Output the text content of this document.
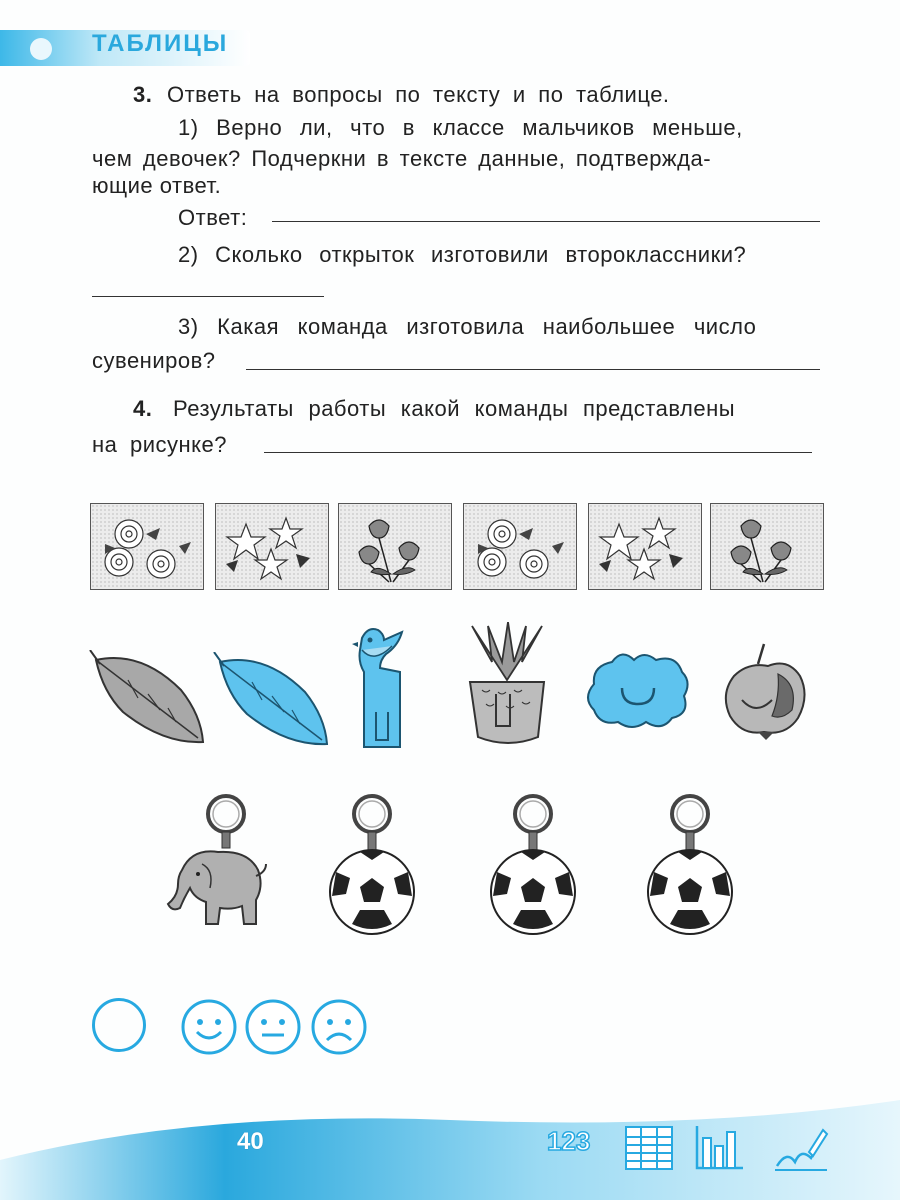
ТАБЛИЦЫ
3. Ответь на вопросы по тексту и по таблице.
1) Верно ли, что в классе мальчиков меньше,
чем девочек? Подчеркни в тексте данные, подтвержда-
ющие ответ.
Ответ:
2) Сколько открыток изготовили второклассники?
3) Какая команда изготовила наибольшее число
сувениров?
4. Результаты работы какой команды представлены
на рисунке?
40	123
